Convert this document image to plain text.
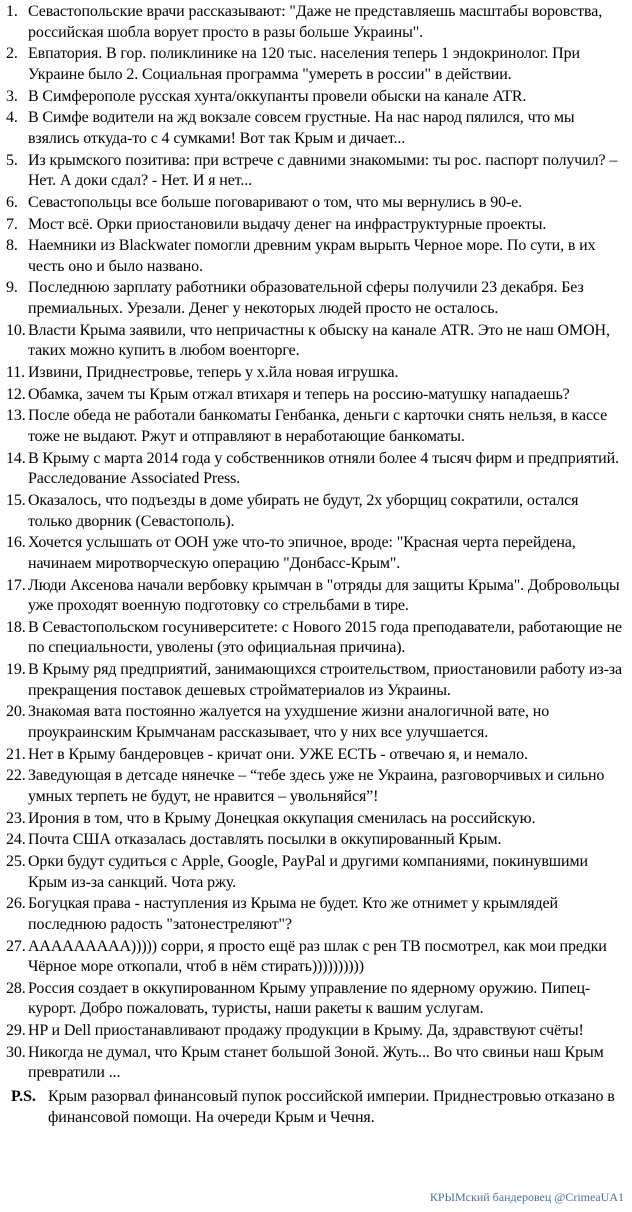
1. Севастопольские врачи рассказывают: "Даже не представляешь масштабы воровства, российская шобла ворует просто в разы больше Украины".
2. Евпатория. В гор. поликлинике на 120 тыс. населения теперь 1 эндокринолог. При Украине было 2. Социальная программа "умереть в россии" в действии.
3. В Симферополе русская хунта/оккупанты провели обыски на канале ATR.
4. В Симфе водители на жд вокзале совсем грустные. На нас народ пялился, что мы взялись откуда-то с 4 сумками! Вот так Крым и дичает...
5. Из крымского позитива: при встрече с давними знакомыми: ты рос. паспорт получил? – Нет. А доки сдал? - Нет. И я нет...
6. Севастопольцы все больше поговаривают о том, что мы вернулись в 90-е.
7. Мост всё. Орки приостановили выдачу денег на инфраструктурные проекты.
8. Наемники из Blackwater помогли древним украм вырыть Черное море. По сути, в их честь оно и было названо.
9. Последнюю зарплату работники образовательной сферы получили 23 декабря. Без премиальных. Урезали. Денег у некоторых людей просто не осталось.
10. Власти Крыма заявили, что непричастны к обыску на канале ATR. Это не наш ОМОН, таких можно купить в любом военторге.
11. Извини, Приднестровье, теперь у х.йла новая игрушка.
12. Обамка, зачем ты Крым отжал втихаря и теперь на россию-матушку нападаешь?
13. После обеда не работали банкоматы Генбанка, деньги с карточки снять нельзя, в кассе тоже не выдают. Ржут и отправляют в неработающие банкоматы.
14. В Крыму с марта 2014 года у собственников отняли более 4 тысяч фирм и предприятий. Расследование Associated Press.
15. Оказалось, что подъезды в доме убирать не будут, 2х уборщиц сократили, остался только дворник (Севастополь).
16. Хочется услышать от ООН уже что-то эпичное, вроде: "Красная черта перейдена, начинаем миротворческую операцию "Донбасс-Крым".
17. Люди Аксенова начали вербовку крымчан в "отряды для защиты Крыма". Добровольцы уже проходят военную подготовку со стрельбами в тире.
18. В Севастопольском госуниверситете: с Нового 2015 года преподаватели, работающие не по специальности, уволены (это официальная причина).
19. В Крыму ряд предприятий, занимающихся строительством, приостановили работу из-за прекращения поставок дешевых стройматериалов из Украины.
20. Знакомая вата постоянно жалуется на ухудшение жизни аналогичной вате, но проукраинским Крымчанам рассказывает, что у них все улучшается.
21. Нет в Крыму бандеровцев - кричат они. УЖЕ ЕСТЬ - отвечаю я, и немало.
22. Заведующая в детсаде нянечке – “тебе здесь уже не Украина, разговорчивых и сильно умных терпеть не будут, не нравится – увольняйся”!
23. Ирония в том, что в Крыму Донецкая оккупация сменилась на российскую.
24. Почта США отказалась доставлять посылки в оккупированный Крым.
25. Орки будут судиться с Apple, Google, PayPal и другими компаниями, покинувшими Крым из-за санкций. Чота ржу.
26. Богуцкая права - наступления из Крыма не будет. Кто же отнимет у крымлядей последнюю радость "затонестреляют"?
27. ААААААААА))))) сорри, я просто ещё раз шлак с рен ТВ посмотрел, как мои предки Чёрное море откопали, чтоб в нём стирать))))))))))
28. Россия создает в оккупированном Крыму управление по ядерному оружию. Пипец-курорт. Добро пожаловать, туристы, наши ракеты к вашим услугам.
29. HP и Dell приостанавливают продажу продукции в Крыму. Да, здравствуют счёты!
30. Никогда не думал, что Крым станет большой Зоной. Жуть... Во что свиньи наш Крым превратили ...
P.S. Крым разорвал финансовый пупок российской империи. Приднестровью отказано в финансовой помощи. На очереди Крым и Чечня.
КРЫМский бандеровец @CrimeaUA1
